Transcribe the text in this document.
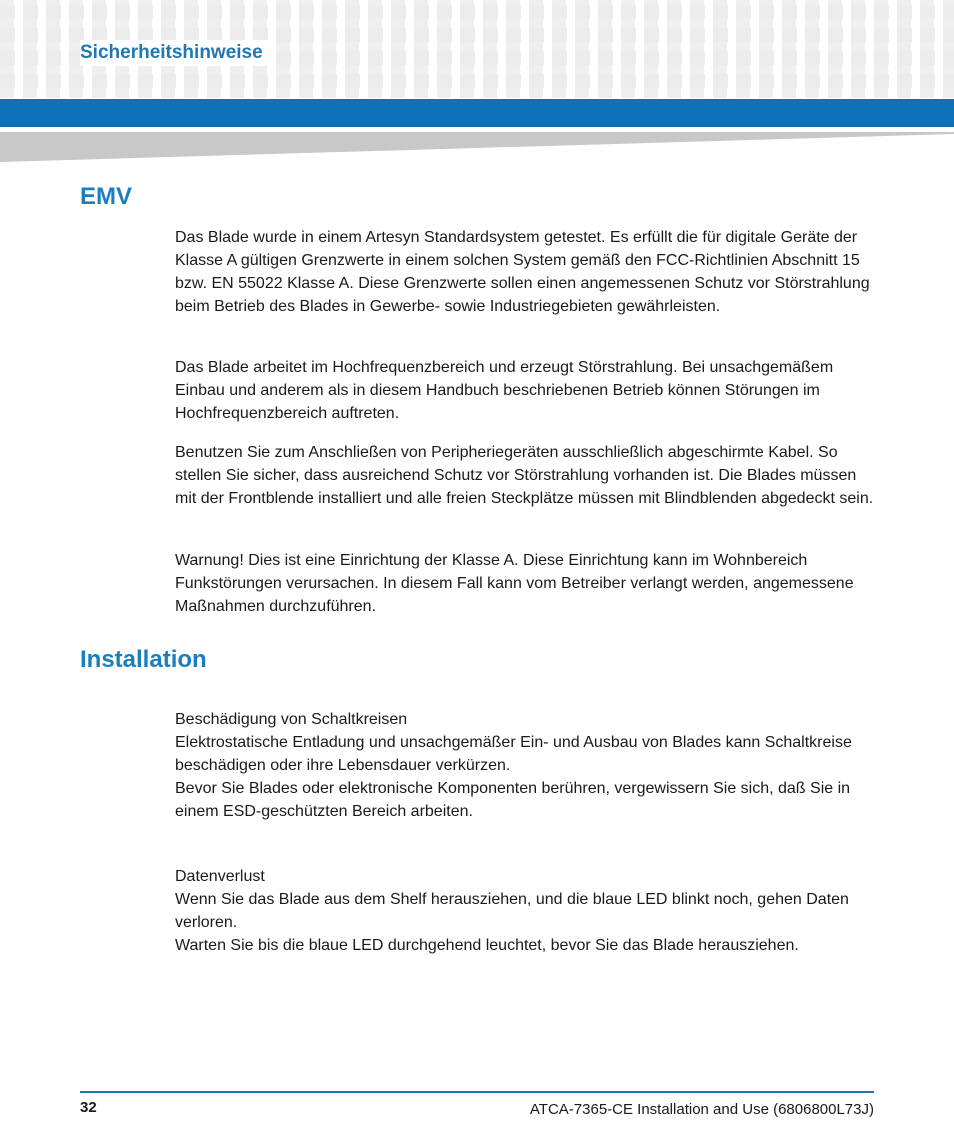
Sicherheitshinweise
EMV

Das Blade wurde in einem Artesyn Standardsystem getestet. Es erfüllt die für digitale Geräte der Klasse A gültigen Grenzwerte in einem solchen System gemäß den FCC-Richtlinien Abschnitt 15 bzw. EN 55022 Klasse A. Diese Grenzwerte sollen einen angemessenen Schutz vor Störstrahlung beim Betrieb des Blades in Gewerbe- sowie Industriegebieten gewährleisten.

Das Blade arbeitet im Hochfrequenzbereich und erzeugt Störstrahlung. Bei unsachgemäßem Einbau und anderem als in diesem Handbuch beschriebenen Betrieb können Störungen im Hochfrequenzbereich auftreten.

Benutzen Sie zum Anschließen von Peripheriegeräten ausschließlich abgeschirmte Kabel. So stellen Sie sicher, dass ausreichend Schutz vor Störstrahlung vorhanden ist. Die Blades müssen mit der Frontblende installiert und alle freien Steckplätze müssen mit Blindblenden abgedeckt sein.

Warnung! Dies ist eine Einrichtung der Klasse A. Diese Einrichtung kann im Wohnbereich Funkstörungen verursachen. In diesem Fall kann vom Betreiber verlangt werden, angemessene Maßnahmen durchzuführen.

Installation

Beschädigung von Schaltkreisen

Elektrostatische Entladung und unsachgemäßer Ein- und Ausbau von Blades kann Schaltkreise beschädigen oder ihre Lebensdauer verkürzen.

Bevor Sie Blades oder elektronische Komponenten berühren, vergewissern Sie sich, daß Sie in einem ESD-geschützten Bereich arbeiten.

Datenverlust

Wenn Sie das Blade aus dem Shelf herausziehen, und die blaue LED blinkt noch, gehen Daten verloren.

Warten Sie bis die blaue LED durchgehend leuchtet, bevor Sie das Blade herausziehen.

32	ATCA-7365-CE Installation and Use (6806800L73J)
